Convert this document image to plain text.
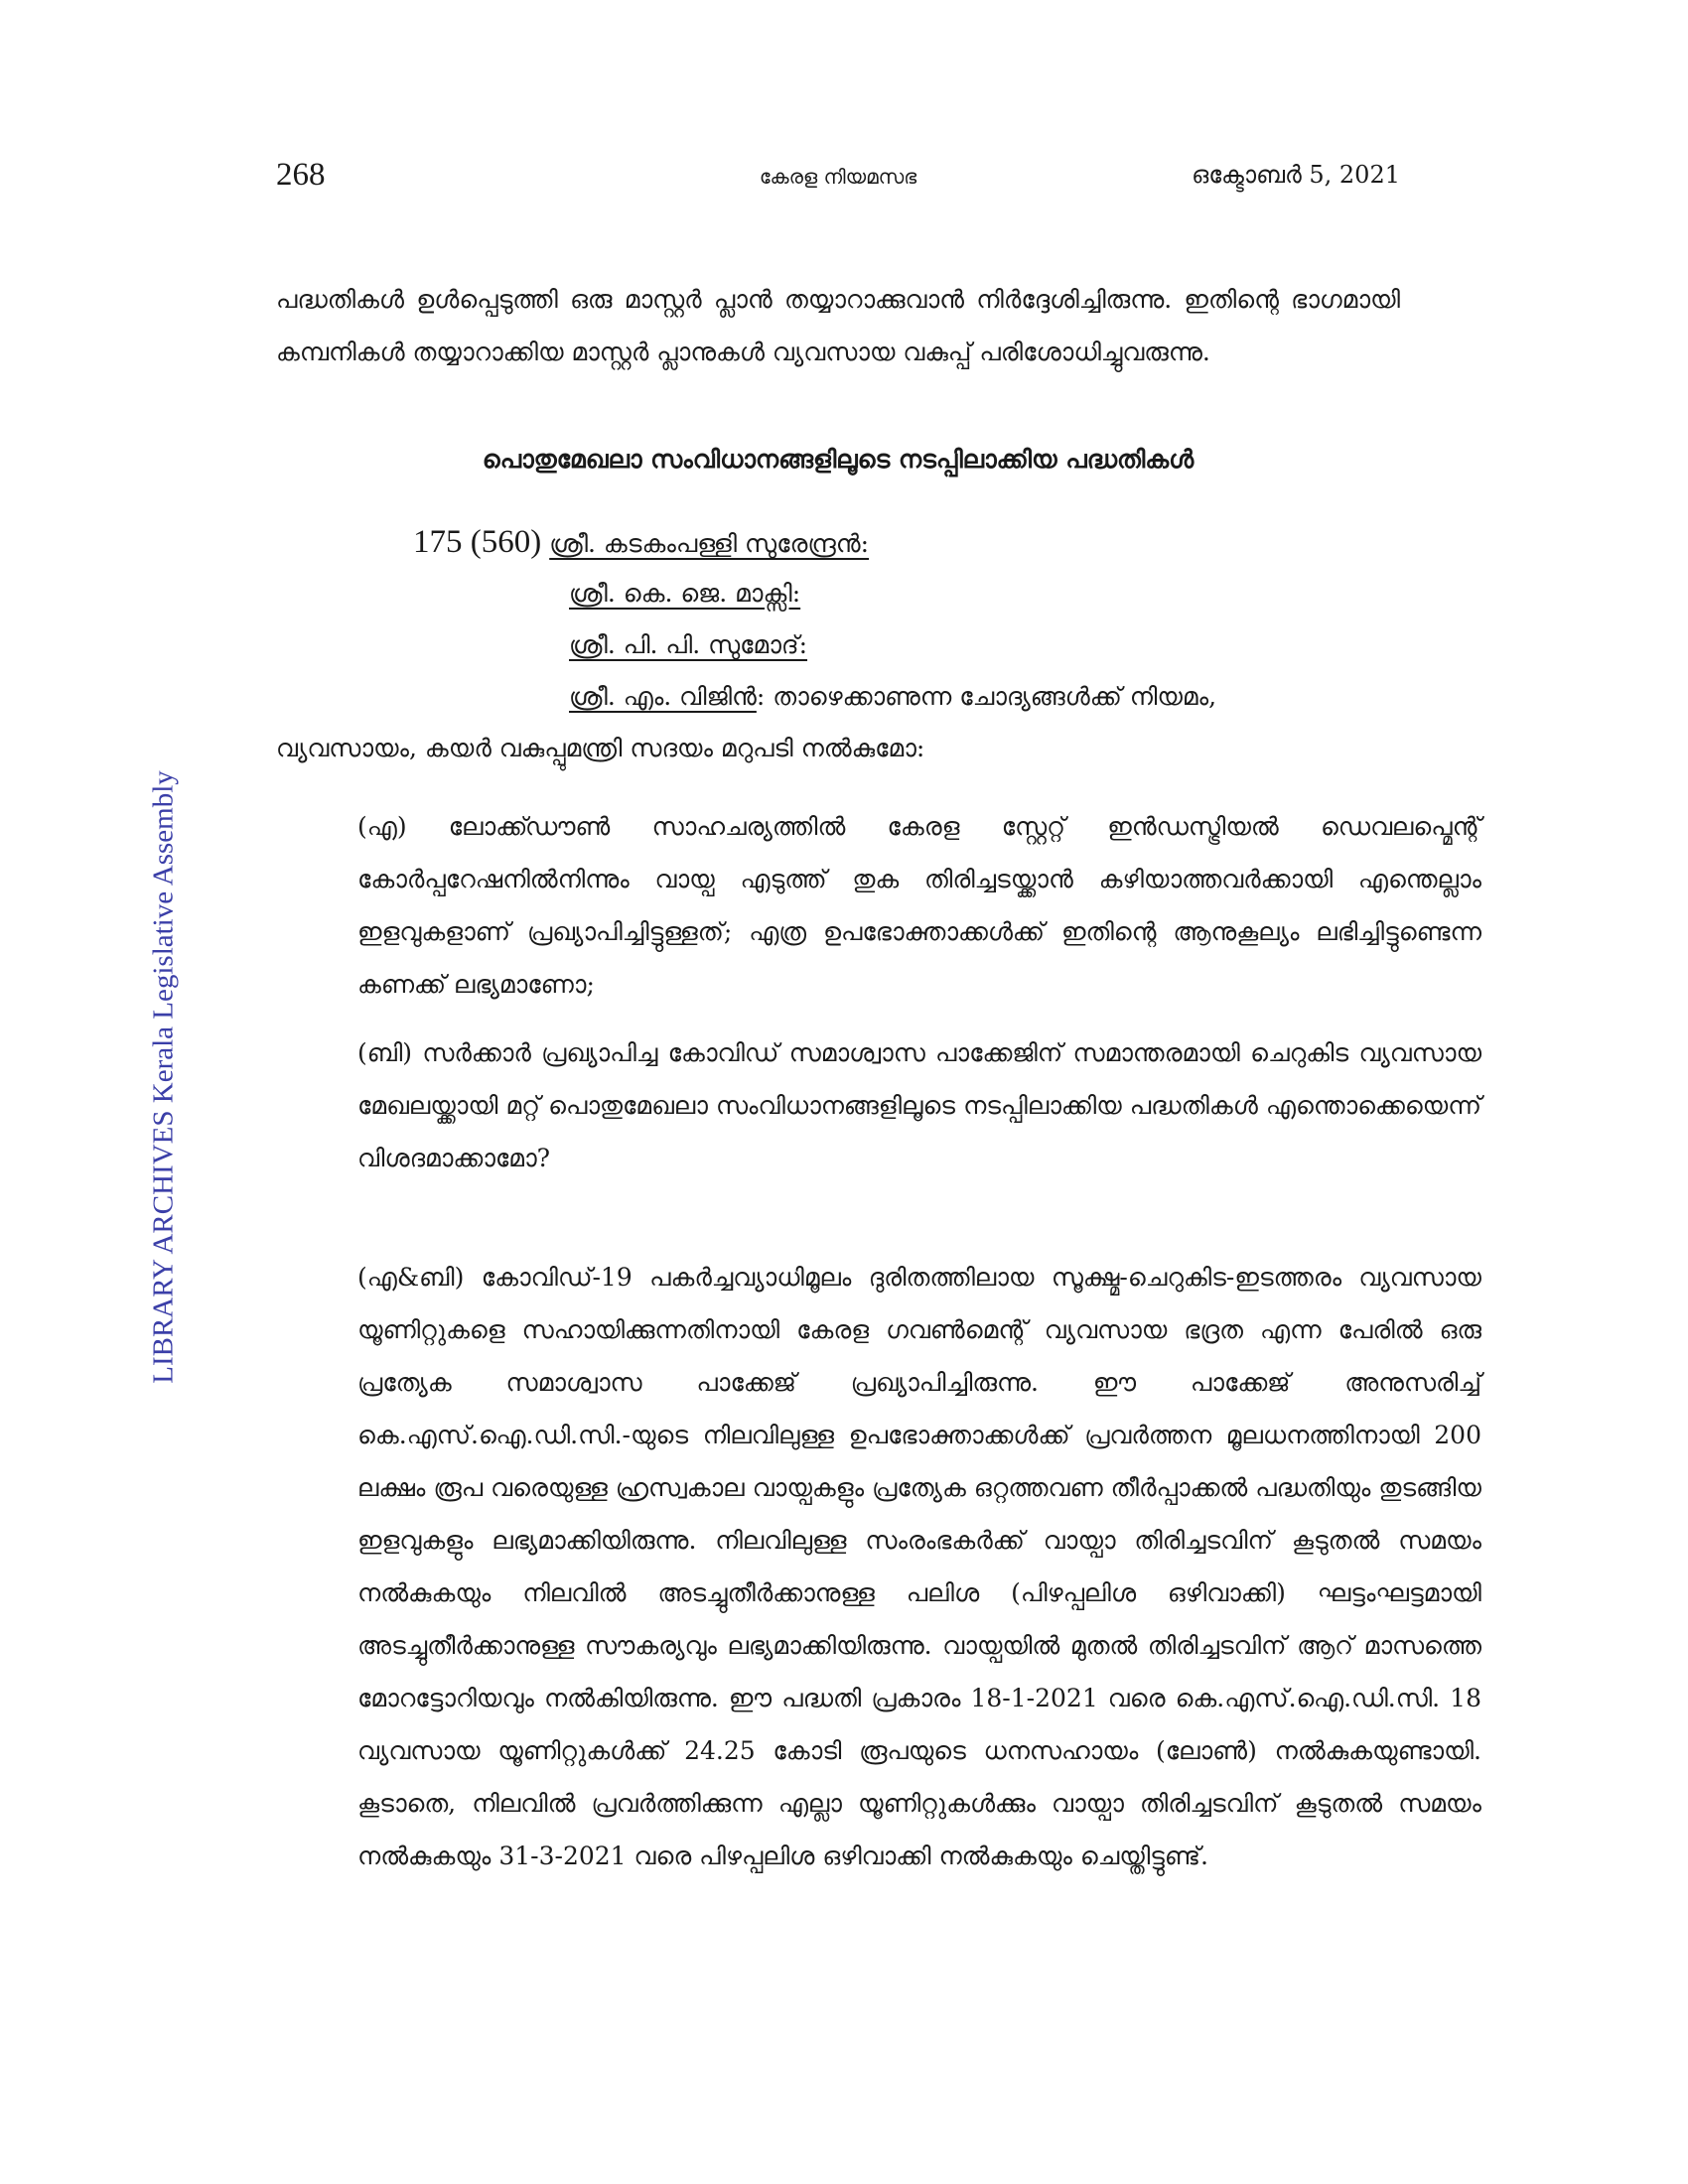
LIBRARY ARCHIVES Kerala Legislative Assembly
268	കേരള നിയമസഭ	ഒക്ടോബർ 5, 2021
പദ്ധതികൾ ഉൾപ്പെടുത്തി ഒരു മാസ്റ്റർ പ്ലാൻ തയ്യാറാക്കുവാൻ നിർദ്ദേശിച്ചിരുന്നു. ഇതിന്റെ ഭാഗമായി കമ്പനികൾ തയ്യാറാക്കിയ മാസ്റ്റർ പ്ലാനുകൾ വ്യവസായ വകുപ്പ് പരിശോധിച്ചുവരുന്നു.
പൊതുമേഖലാ സംവിധാനങ്ങളിലൂടെ നടപ്പിലാക്കിയ പദ്ധതികൾ
175 (560) ശ്രീ. കടകംപള്ളി സുരേന്ദ്രൻ:
ശ്രീ. കെ. ജെ. മാക്സി:
ശ്രീ. പി. പി. സുമോദ്:
ശ്രീ. എം. വിജിൻ: താഴെക്കാണുന്ന ചോദ്യങ്ങൾക്ക് നിയമം,
വ്യവസായം, കയർ വകുപ്പുമന്ത്രി സദയം മറുപടി നൽകുമോ:
(എ) ലോക്ക്ഡൗൺ സാഹചര്യത്തിൽ കേരള സ്റ്റേറ്റ് ഇൻഡസ്ട്രിയൽ ഡെവലപ്മെന്റ് കോർപ്പറേഷനിൽനിന്നും വായ്പ എടുത്ത് തുക തിരിച്ചടയ്ക്കാൻ കഴിയാത്തവർക്കായി എന്തെല്ലാം ഇളവുകളാണ് പ്രഖ്യാപിച്ചിട്ടുള്ളത്; എത്ര ഉപഭോക്താക്കൾക്ക് ഇതിന്റെ ആനുകൂല്യം ലഭിച്ചിട്ടുണ്ടെന്ന കണക്ക് ലഭ്യമാണോ;
(ബി) സർക്കാർ പ്രഖ്യാപിച്ച കോവിഡ് സമാശ്വാസ പാക്കേജിന് സമാന്തരമായി ചെറുകിട വ്യവസായ മേഖലയ്ക്കായി മറ്റ് പൊതുമേഖലാ സംവിധാനങ്ങളിലൂടെ നടപ്പിലാക്കിയ പദ്ധതികൾ എന്തൊക്കെയെന്ന് വിശദമാക്കാമോ?
(എ&ബി) കോവിഡ്-19 പകർച്ചവ്യാധിമൂലം ദുരിതത്തിലായ സൂക്ഷ്മ-ചെറുകിട-ഇടത്തരം വ്യവസായ യൂണിറ്റുകളെ സഹായിക്കുന്നതിനായി കേരള ഗവൺമെന്റ് വ്യവസായ ഭദ്രത എന്ന പേരിൽ ഒരു പ്രത്യേക സമാശ്വാസ പാക്കേജ് പ്രഖ്യാപിച്ചിരുന്നു. ഈ പാക്കേജ് അനുസരിച്ച് കെ.എസ്.ഐ.ഡി.സി.-യുടെ നിലവിലുള്ള ഉപഭോക്താക്കൾക്ക് പ്രവർത്തന മൂലധനത്തിനായി 200 ലക്ഷം രൂപ വരെയുള്ള ഹ്രസ്വകാല വായ്പകളും പ്രത്യേക ഒറ്റത്തവണ തീർപ്പാക്കൽ പദ്ധതിയും തുടങ്ങിയ ഇളവുകളും ലഭ്യമാക്കിയിരുന്നു. നിലവിലുള്ള സംരംഭകർക്ക് വായ്പാ തിരിച്ചടവിന് കൂടുതൽ സമയം നൽകുകയും നിലവിൽ അടച്ചുതീർക്കാനുള്ള പലിശ (പിഴപ്പലിശ ഒഴിവാക്കി) ഘട്ടംഘട്ടമായി അടച്ചുതീർക്കാനുള്ള സൗകര്യവും ലഭ്യമാക്കിയിരുന്നു. വായ്പയിൽ മുതൽ തിരിച്ചടവിന് ആറ് മാസത്തെ മോറട്ടോറിയവും നൽകിയിരുന്നു. ഈ പദ്ധതി പ്രകാരം 18-1-2021 വരെ കെ.എസ്.ഐ.ഡി.സി. 18 വ്യവസായ യൂണിറ്റുകൾക്ക് 24.25 കോടി രൂപയുടെ ധനസഹായം (ലോൺ) നൽകുകയുണ്ടായി. കൂടാതെ, നിലവിൽ പ്രവർത്തിക്കുന്ന എല്ലാ യൂണിറ്റുകൾക്കും വായ്പാ തിരിച്ചടവിന് കൂടുതൽ സമയം നൽകുകയും 31-3-2021 വരെ പിഴപ്പലിശ ഒഴിവാക്കി നൽകുകയും ചെയ്തിട്ടുണ്ട്.
